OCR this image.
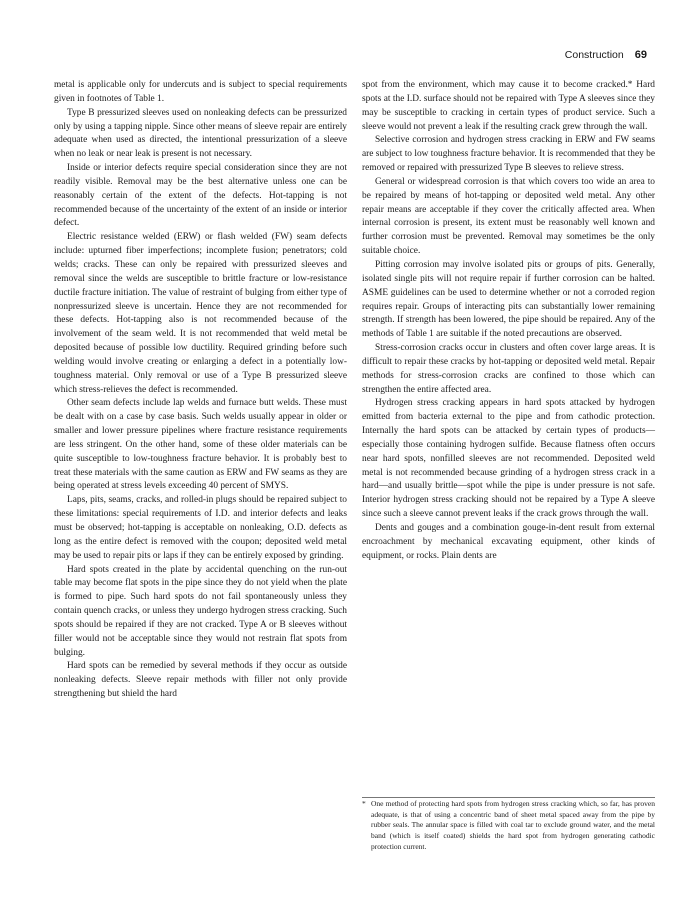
Construction 69

metal is applicable only for undercuts and is subject to special requirements given in footnotes of Table 1.

Type B pressurized sleeves used on nonleaking defects can be pressurized only by using a tapping nipple. Since other means of sleeve repair are entirely adequate when used as directed, the intentional pressurization of a sleeve when no leak or near leak is present is not necessary.

Inside or interior defects require special consideration since they are not readily visible. Removal may be the best alternative unless one can be reasonably certain of the extent of the defects. Hot-tapping is not recommended because of the uncertainty of the extent of an inside or interior defect.

Electric resistance welded (ERW) or flash welded (FW) seam defects include: upturned fiber imperfections; incomplete fusion; penetrators; cold welds; cracks. These can only be repaired with pressurized sleeves and removal since the welds are susceptible to brittle fracture or low-resistance ductile fracture initiation. The value of restraint of bulging from either type of nonpressurized sleeve is uncertain. Hence they are not recommended for these defects. Hot-tapping also is not recommended because of the involvement of the seam weld. It is not recommended that weld metal be deposited because of possible low ductility. Required grinding before such welding would involve creating or enlarging a defect in a potentially low-toughness material. Only removal or use of a Type B pressurized sleeve which stress-relieves the defect is recommended.

Other seam defects include lap welds and furnace butt welds. These must be dealt with on a case by case basis. Such welds usually appear in older or smaller and lower pressure pipelines where fracture resistance requirements are less stringent. On the other hand, some of these older materials can be quite susceptible to low-toughness fracture behavior. It is probably best to treat these materials with the same caution as ERW and FW seams as they are being operated at stress levels exceeding 40 percent of SMYS.

Laps, pits, seams, cracks, and rolled-in plugs should be repaired subject to these limitations: special requirements of I.D. and interior defects and leaks must be observed; hot-tapping is acceptable on nonleaking, O.D. defects as long as the entire defect is removed with the coupon; deposited weld metal may be used to repair pits or laps if they can be entirely exposed by grinding.

Hard spots created in the plate by accidental quenching on the run-out table may become flat spots in the pipe since they do not yield when the plate is formed to pipe. Such hard spots do not fail spontaneously unless they contain quench cracks, or unless they undergo hydrogen stress cracking. Such spots should be repaired if they are not cracked. Type A or B sleeves without filler would not be acceptable since they would not restrain flat spots from bulging.

Hard spots can be remedied by several methods if they occur as outside nonleaking defects. Sleeve repair methods with filler not only provide strengthening but shield the hard

spot from the environment, which may cause it to become cracked.* Hard spots at the I.D. surface should not be repaired with Type A sleeves since they may be susceptible to cracking in certain types of product service. Such a sleeve would not prevent a leak if the resulting crack grew through the wall.

Selective corrosion and hydrogen stress cracking in ERW and FW seams are subject to low toughness fracture behavior. It is recommended that they be removed or repaired with pressurized Type B sleeves to relieve stress.

General or widespread corrosion is that which covers too wide an area to be repaired by means of hot-tapping or deposited weld metal. Any other repair means are acceptable if they cover the critically affected area. When internal corrosion is present, its extent must be reasonably well known and further corrosion must be prevented. Removal may sometimes be the only suitable choice.

Pitting corrosion may involve isolated pits or groups of pits. Generally, isolated single pits will not require repair if further corrosion can be halted. ASME guidelines can be used to determine whether or not a corroded region requires repair. Groups of interacting pits can substantially lower remaining strength. If strength has been lowered, the pipe should be repaired. Any of the methods of Table 1 are suitable if the noted precautions are observed.

Stress-corrosion cracks occur in clusters and often cover large areas. It is difficult to repair these cracks by hot-tapping or deposited weld metal. Repair methods for stress-corrosion cracks are confined to those which can strengthen the entire affected area.

Hydrogen stress cracking appears in hard spots attacked by hydrogen emitted from bacteria external to the pipe and from cathodic protection. Internally the hard spots can be attacked by certain types of products—especially those containing hydrogen sulfide. Because flatness often occurs near hard spots, nonfilled sleeves are not recommended. Deposited weld metal is not recommended because grinding of a hydrogen stress crack in a hard—and usually brittle—spot while the pipe is under pressure is not safe. Interior hydrogen stress cracking should not be repaired by a Type A sleeve since such a sleeve cannot prevent leaks if the crack grows through the wall.

Dents and gouges and a combination gouge-in-dent result from external encroachment by mechanical excavating equipment, other kinds of equipment, or rocks. Plain dents are

* One method of protecting hard spots from hydrogen stress cracking which, so far, has proven adequate, is that of using a concentric band of sheet metal spaced away from the pipe by rubber seals. The annular space is filled with coal tar to exclude ground water, and the metal band (which is itself coated) shields the hard spot from hydrogen generating cathodic protection current.
